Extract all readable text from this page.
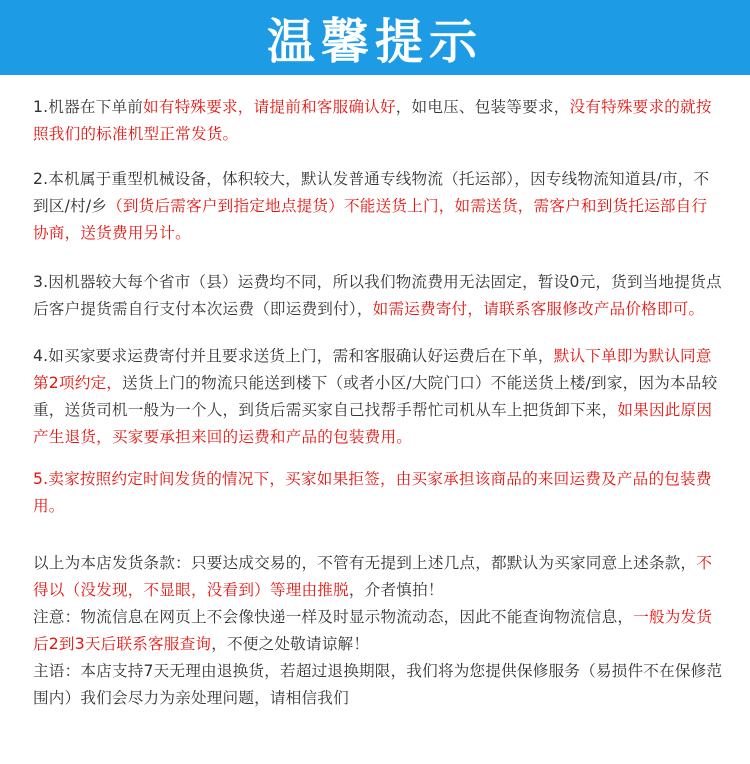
温馨提示
1.机器在下单前如有特殊要求，请提前和客服确认好，如电压、包装等要求，没有特殊要求的就按照我们的标准机型正常发货。
2.本机属于重型机械设备，体积较大，默认发普通专线物流（托运部），因专线物流知道县/市，不到区/村/乡（到货后需客户到指定地点提货）不能送货上门，如需送货，需客户和到货托运部自行协商，送货费用另计。
3.因机器较大每个省市（县）运费均不同，所以我们物流费用无法固定，暂设0元，货到当地提货点后客户提货需自行支付本次运费（即运费到付），如需运费寄付，请联系客服修改产品价格即可。
4.如买家要求运费寄付并且要求送货上门，需和客服确认好运费后在下单，默认下单即为默认同意第2项约定，送货上门的物流只能送到楼下（或者小区/大院门口）不能送货上楼/到家，因为本品较重，送货司机一般为一个人，到货后需买家自己找帮手帮忙司机从车上把货卸下来，如果因此原因产生退货，买家要承担来回的运费和产品的包装费用。
5.卖家按照约定时间发货的情况下，买家如果拒签，由买家承担该商品的来回运费及产品的包装费用。
以上为本店发货条款：只要达成交易的，不管有无提到上述几点，都默认为买家同意上述条款，不得以（没发现，不显眼，没看到）等理由推脱，介者慎拍！
注意：物流信息在网页上不会像快递一样及时显示物流动态，因此不能查询物流信息，一般为发货后2到3天后联系客服查询，不便之处敬请谅解！
主语：本店支持7天无理由退换货，若超过退换期限，我们将为您提供保修服务（易损件不在保修范围内）我们会尽力为亲处理问题，请相信我们
